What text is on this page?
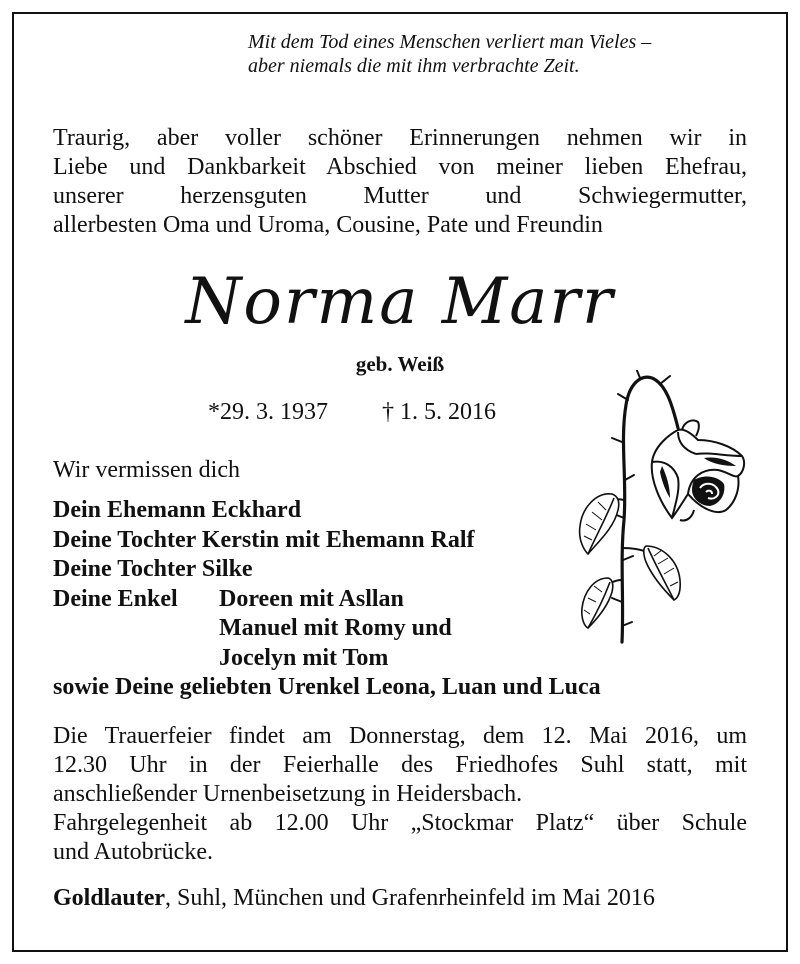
Mit dem Tod eines Menschen verliert man Vieles –
aber niemals die mit ihm verbrachte Zeit.
Traurig, aber voller schöner Erinnerungen nehmen wir in
Liebe und Dankbarkeit Abschied von meiner lieben Ehefrau,
unserer herzensguten Mutter und Schwiegermutter,
allerbesten Oma und Uroma, Cousine, Pate und Freundin
Norma Marr
geb. Weiß
*29. 3. 1937 † 1. 5. 2016
Wir vermissen dich
Dein Ehemann Eckhard
Deine Tochter Kerstin mit Ehemann Ralf
Deine Tochter Silke
Deine Enkel	Doreen mit Asllan
Manuel mit Romy und
Jocelyn mit Tom
sowie Deine geliebten Urenkel Leona, Luan und Luca
Die Trauerfeier findet am Donnerstag, dem 12. Mai 2016, um
12.30 Uhr in der Feierhalle des Friedhofes Suhl statt, mit
anschließender Urnenbeisetzung in Heidersbach.
Fahrgelegenheit ab 12.00 Uhr „Stockmar Platz“ über Schule
und Autobrücke.
Goldlauter, Suhl, München und Grafenrheinfeld im Mai 2016
